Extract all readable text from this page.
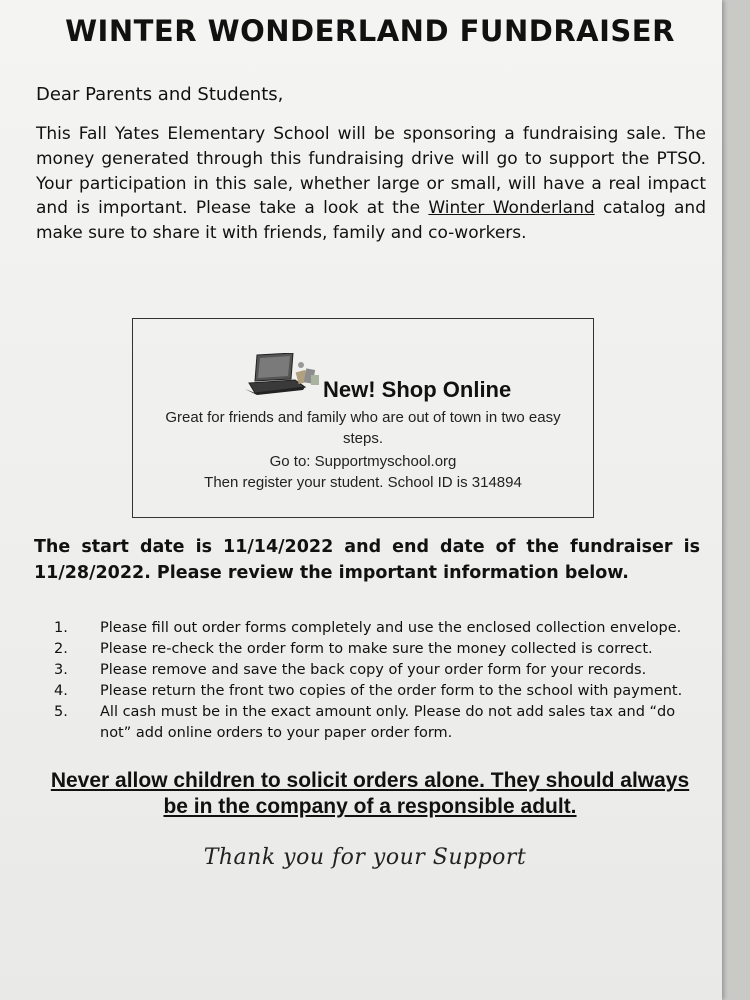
WINTER WONDERLAND FUNDRAISER
Dear Parents and Students,
This Fall Yates Elementary School will be sponsoring a fundraising sale. The money generated through this fundraising drive will go to support the PTSO. Your participation in this sale, whether large or small, will have a real impact and is important. Please take a look at the Winter Wonderland catalog and make sure to share it with friends, family and co-workers.
New! Shop Online
Great for friends and family who are out of town in two easy
steps.
Go to: Supportmyschool.org
Then register your student. School ID is 314894
The start date is 11/14/2022 and end date of the fundraiser is 11/28/2022. Please review the important information below.
1.	Please fill out order forms completely and use the enclosed collection envelope.
2.	Please re-check the order form to make sure the money collected is correct.
3.	Please remove and save the back copy of your order form for your records.
4.	Please return the front two copies of the order form to the school with payment.
5.	All cash must be in the exact amount only. Please do not add sales tax and “do not” add online orders to your paper order form.
Never allow children to solicit orders alone. They should always be in the company of a responsible adult.
Thank you for your Support
